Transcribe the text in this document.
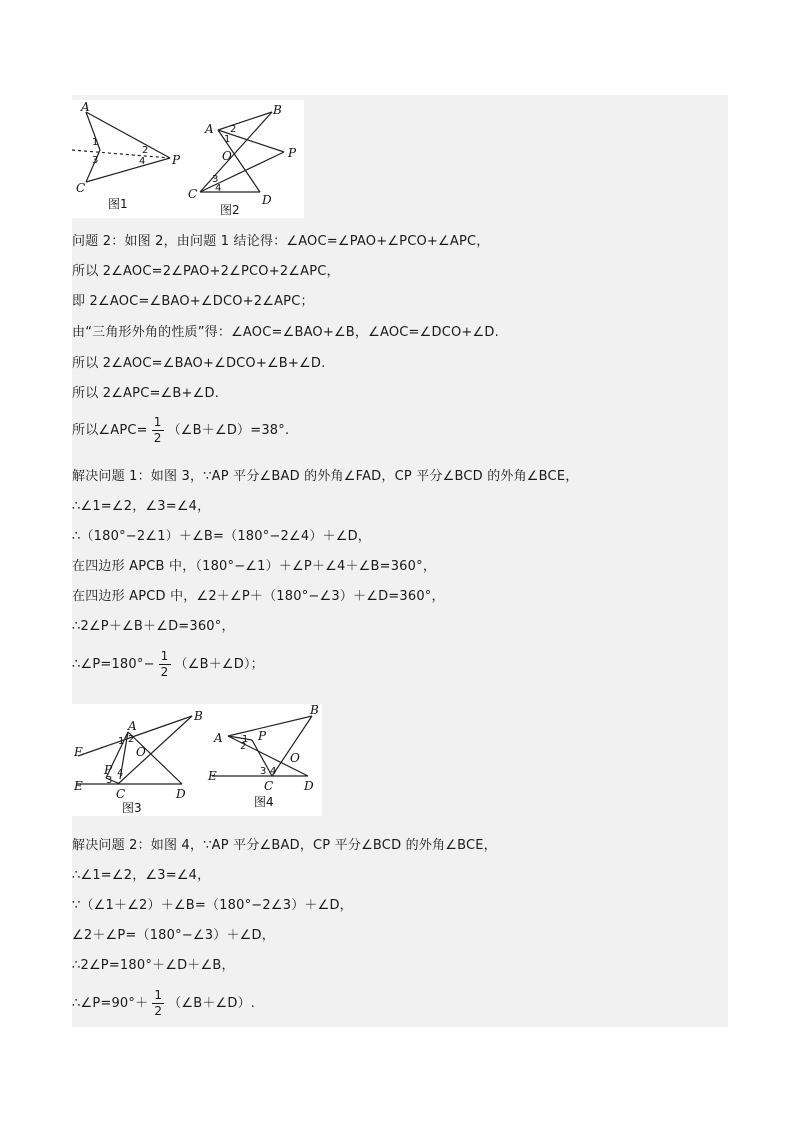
A
C
P
1
3
2
4
图1
A
B
O	P
C	D
2
1
3
4
图2
问题 2：如图 2，由问题 1 结论得：∠AOC=∠PAO+∠PCO+∠APC，
所以 2∠AOC=2∠PAO+2∠PCO+2∠APC，
即 2∠AOC=∠BAO+∠DCO+2∠APC；
由“三角形外角的性质”得：∠AOC=∠BAO+∠B，∠AOC=∠DCO+∠D.
所以 2∠AOC=∠BAO+∠DCO+∠B+∠D.
所以 2∠APC=∠B+∠D.
所以∠APC= $\frac{1}{2}$ （∠B＋∠D）=38°.
解决问题 1：如图 3，∵AP 平分∠BAD 的外角∠FAD，CP 平分∠BCD 的外角∠BCE，
∴∠1=∠2，∠3=∠4，
∴（180°−2∠1）＋∠B=（180°−2∠4）＋∠D，
在四边形 APCB 中，（180°−∠1）＋∠P＋∠4＋∠B=360°，
在四边形 APCD 中，∠2＋∠P＋（180°−∠3）＋∠D=360°，
∴2∠P＋∠B＋∠D=360°，
∴∠P=180°− $\frac{1}{2}$ （∠B＋∠D）；
A
B
F	O
P
E
C	D
1 2
3
4
图3
A
B
P
O
E
C	D
1
2
3 4
图4
解决问题 2：如图 4，∵AP 平分∠BAD，CP 平分∠BCD 的外角∠BCE，
∴∠1=∠2，∠3=∠4，
∵（∠1＋∠2）＋∠B=（180°−2∠3）＋∠D，
∠2＋∠P=（180°−∠3）＋∠D，
∴2∠P=180°＋∠D＋∠B，
∴∠P=90°＋ $\frac{1}{2}$ （∠B＋∠D）.
